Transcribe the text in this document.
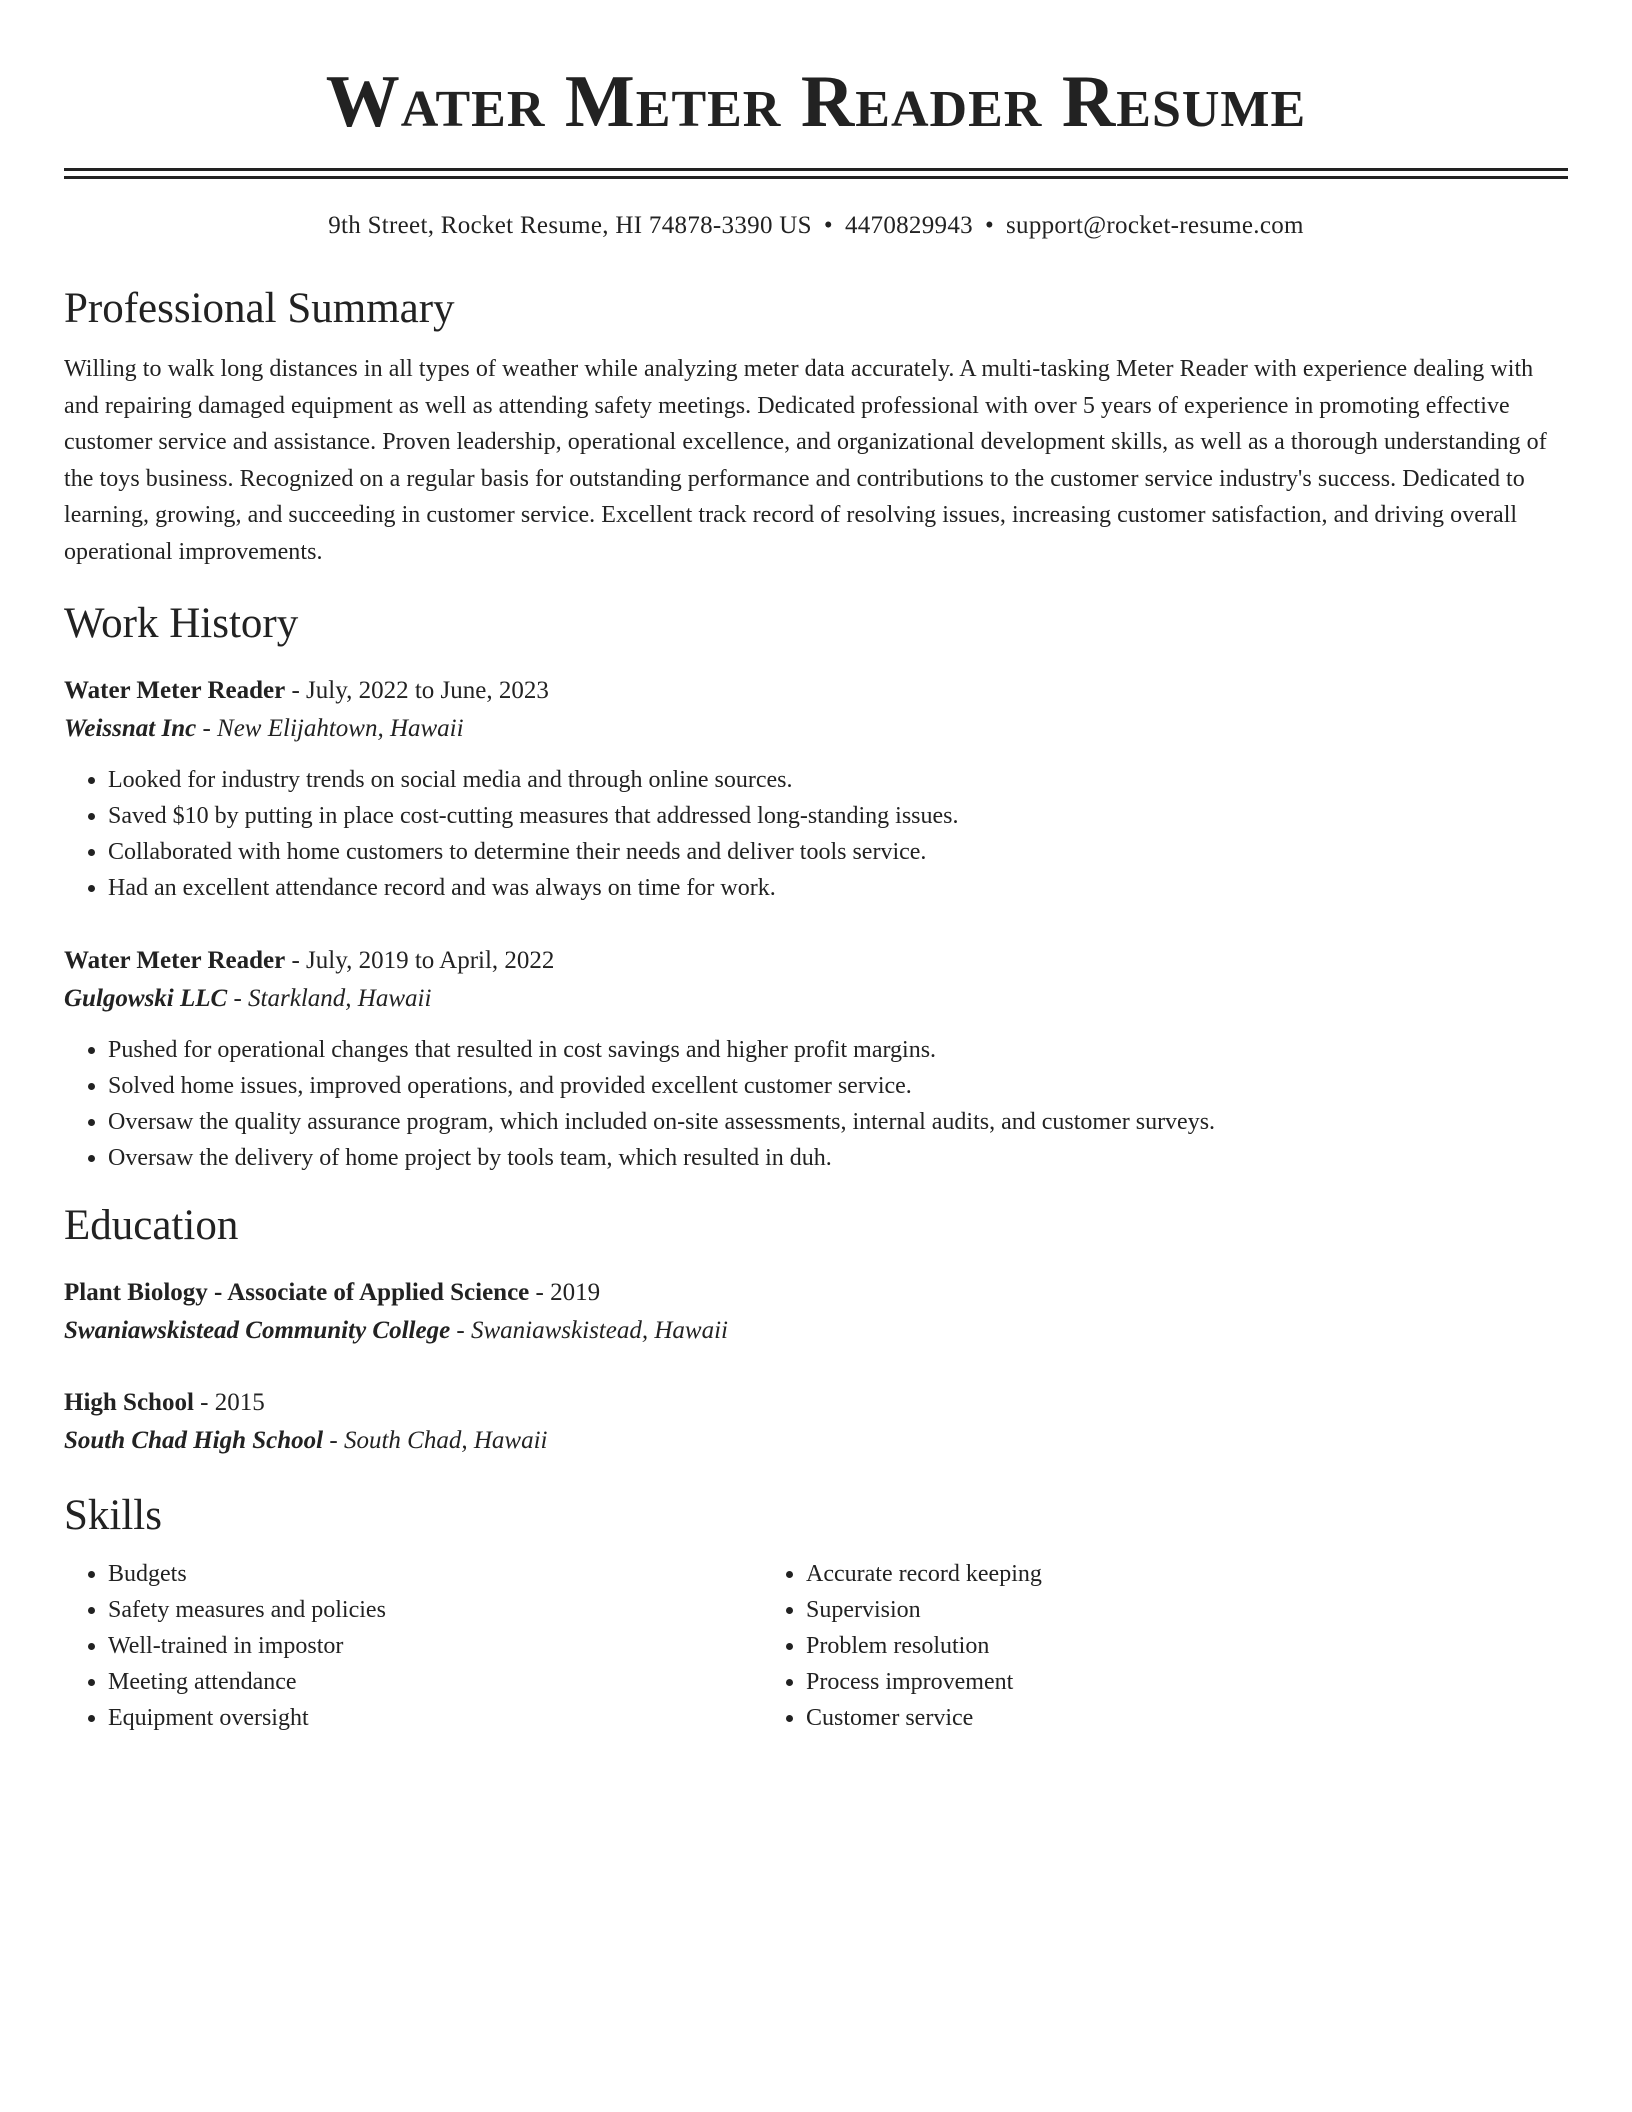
Water Meter Reader Resume
9th Street, Rocket Resume, HI 74878-3390 US • 4470829943 • support@rocket-resume.com
Professional Summary

Willing to walk long distances in all types of weather while analyzing meter data accurately. A multi-tasking Meter Reader with experience dealing with and repairing damaged equipment as well as attending safety meetings. Dedicated professional with over 5 years of experience in promoting effective customer service and assistance. Proven leadership, operational excellence, and organizational development skills, as well as a thorough understanding of the toys business. Recognized on a regular basis for outstanding performance and contributions to the customer service industry's success. Dedicated to learning, growing, and succeeding in customer service. Excellent track record of resolving issues, increasing customer satisfaction, and driving overall operational improvements.

Work History
Water Meter Reader - July, 2022 to June, 2023
Weissnat Inc - New Elijahtown, Hawaii
• Looked for industry trends on social media and through online sources.
• Saved $10 by putting in place cost-cutting measures that addressed long-standing issues.
• Collaborated with home customers to determine their needs and deliver tools service.
• Had an excellent attendance record and was always on time for work.
Water Meter Reader - July, 2019 to April, 2022
Gulgowski LLC - Starkland, Hawaii
• Pushed for operational changes that resulted in cost savings and higher profit margins.
• Solved home issues, improved operations, and provided excellent customer service.
• Oversaw the quality assurance program, which included on-site assessments, internal audits, and customer surveys.
• Oversaw the delivery of home project by tools team, which resulted in duh.
Education
Plant Biology - Associate of Applied Science - 2019
Swaniawskistead Community College - Swaniawskistead, Hawaii
High School - 2015
South Chad High School - South Chad, Hawaii
Skills
• Budgets
• Safety measures and policies
• Well-trained in impostor
• Meeting attendance
• Equipment oversight
• Accurate record keeping
• Supervision
• Problem resolution
• Process improvement
• Customer service
